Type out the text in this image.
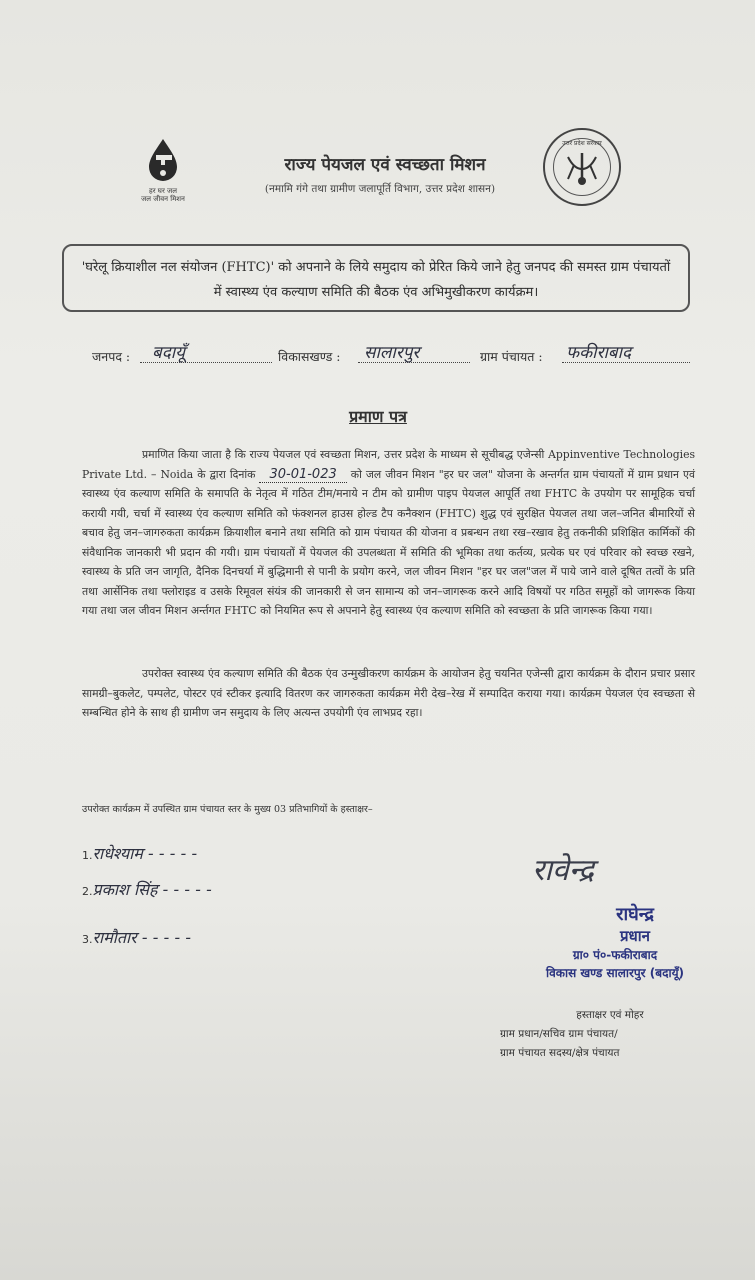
हर घर जल
जल जीवन मिशन
राज्य पेयजल एवं स्वच्छता मिशन
(नमामि गंगे तथा ग्रामीण जलापूर्ति विभाग, उत्तर प्रदेश शासन)
उत्तर प्रदेश सरकार
'घरेलू क्रियाशील नल संयोजन (FHTC)' को अपनाने के लिये समुदाय को प्रेरित किये जाने हेतु जनपद की समस्त ग्राम पंचायतों में स्वास्थ्य एंव कल्याण समिति की बैठक एंव अभिमुखीकरण कार्यक्रम।
जनपद : बदायूँ	विकासखण्ड : सालारपुर	ग्राम पंचायत : फकीराबाद
प्रमाण पत्र
प्रमाणित किया जाता है कि राज्य पेयजल एवं स्वच्छता मिशन, उत्तर प्रदेश के माध्यम से सूचीबद्ध एजेन्सी Appinventive Technologies Private Ltd. – Noida के द्वारा दिनांक 30-01-023 को जल जीवन मिशन "हर घर जल" योजना के अन्तर्गत ग्राम पंचायतों में ग्राम प्रधान एवं स्वास्थ्य एंव कल्याण समिति के समापति के नेतृत्व में गठित टीम/मनाये न टीम को ग्रामीण पाइप पेयजल आपूर्ति तथा FHTC के उपयोग पर सामूहिक चर्चा करायी गयी, चर्चा में स्वास्थ्य एंव कल्याण समिति को फंक्शनल हाउस होल्ड टैप कनैक्शन (FHTC) शुद्ध एवं सुरक्षित पेयजल तथा जल–जनित बीमारियों से बचाव हेतु जन–जागरुकता कार्यक्रम क्रियाशील बनाने तथा समिति को ग्राम पंचायत की योजना व प्रबन्धन तथा रख–रखाव हेतु तकनीकी प्रशिक्षित कार्मिकों की संवैधानिक जानकारी भी प्रदान की गयी। ग्राम पंचायतों में पेयजल की उपलब्धता में समिति की भूमिका तथा कर्तव्य, प्रत्येक घर एवं परिवार को स्वच्छ रखने, स्वास्थ्य के प्रति जन जागृति, दैनिक दिनचर्या में बुद्धिमानी से पानी के प्रयोग करने, जल जीवन मिशन "हर घर जल"जल में पाये जाने वाले दूषित तत्वों के प्रति तथा आर्सेनिक तथा फ्लोराइड व उसके रिमूवल संयंत्र की जानकारी से जन सामान्य को जन–जागरूक करने आदि विषयों पर गठित समूहों को जागरूक किया गया तथा जल जीवन मिशन अर्न्तगत FHTC को नियमित रूप से अपनाने हेतु स्वास्थ्य एंव कल्याण समिति को स्वच्छता के प्रति जागरूक किया गया।
उपरोक्त स्वास्थ्य एंव कल्याण समिति की बैठक एंव उन्मुखीकरण कार्यक्रम के आयोजन हेतु चयनित एजेन्सी द्वारा कार्यक्रम के दौरान प्रचार प्रसार सामग्री–बुकलेट, पम्पलेट, पोस्टर एवं स्टीकर इत्यादि वितरण कर जागरुकता कार्यक्रम मेरी देख–रेख में सम्पादित कराया गया। कार्यक्रम पेयजल एंव स्वच्छता से सम्बन्धित होने के साथ ही ग्रामीण जन समुदाय के लिए अत्यन्त उपयोगी एंव लाभप्रद रहा।
उपरोक्त कार्यक्रम में उपस्थित ग्राम पंचायत स्तर के मुख्य 03 प्रतिभागियों के हस्ताक्षर–
1.राधेश्याम - - - - -
2.प्रकाश सिंह - - - - -
3.रामौतार - - - - -
रावेन्द्र
राघेन्द्र
प्रधान
ग्रा० पं०-फकीराबाद
विकास खण्ड सालारपुर (बदायूँ)
हस्ताक्षर एवं मोहर
ग्राम प्रधान/सचिव ग्राम पंचायत/
ग्राम पंचायत सदस्य/क्षेत्र पंचायत
